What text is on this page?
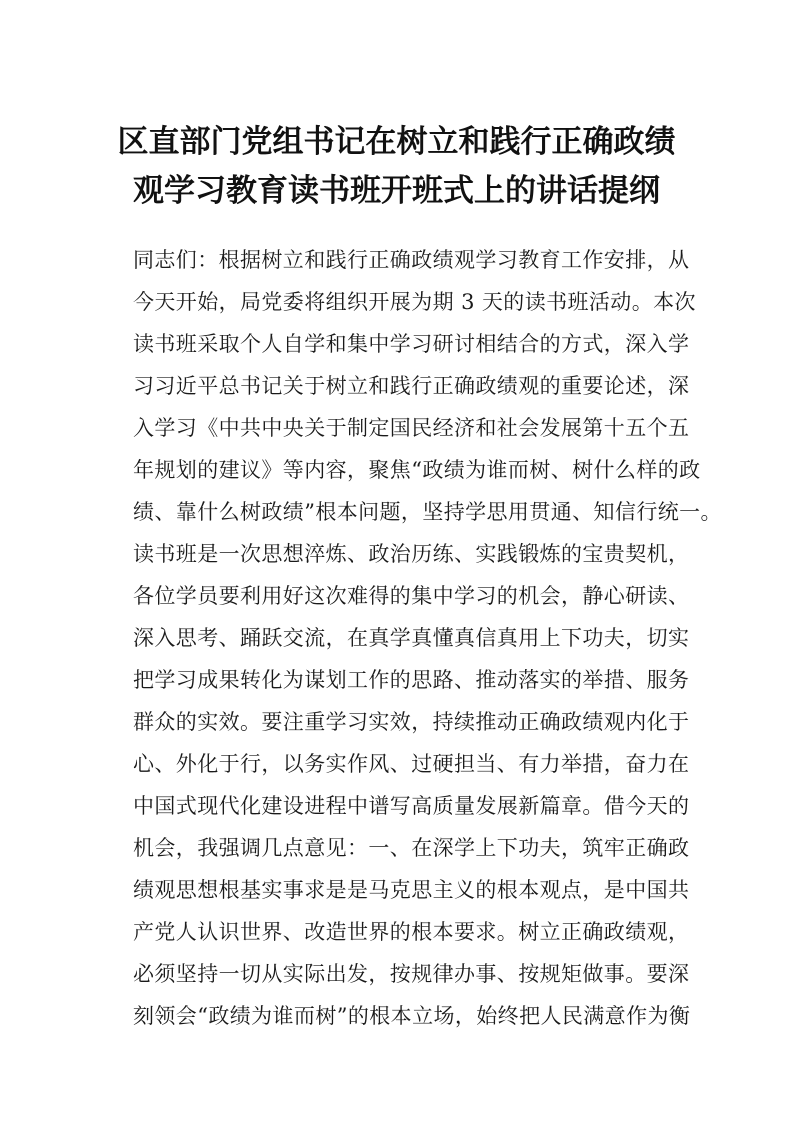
区直部门党组书记在树立和践行正确政绩
观学习教育读书班开班式上的讲话提纲

同志们：根据树立和践行正确政绩观学习教育工作安排，从

今天开始，局党委将组织开展为期 3 天的读书班活动。本次

读书班采取个人自学和集中学习研讨相结合的方式，深入学

习习近平总书记关于树立和践行正确政绩观的重要论述，深

入学习《中共中央关于制定国民经济和社会发展第十五个五

年规划的建议》等内容，聚焦“政绩为谁而树、树什么样的政

绩、靠什么树政绩”根本问题，坚持学思用贯通、知信行统一。

读书班是一次思想淬炼、政治历练、实践锻炼的宝贵契机，

各位学员要利用好这次难得的集中学习的机会，静心研读、

深入思考、踊跃交流，在真学真懂真信真用上下功夫，切实

把学习成果转化为谋划工作的思路、推动落实的举措、服务

群众的实效。要注重学习实效，持续推动正确政绩观内化于

心、外化于行，以务实作风、过硬担当、有力举措，奋力在

中国式现代化建设进程中谱写高质量发展新篇章。借今天的

机会，我强调几点意见：一、在深学上下功夫，筑牢正确政

绩观思想根基实事求是是马克思主义的根本观点，是中国共

产党人认识世界、改造世界的根本要求。树立正确政绩观，

必须坚持一切从实际出发，按规律办事、按规矩做事。要深

刻领会“政绩为谁而树”的根本立场，始终把人民满意作为衡
